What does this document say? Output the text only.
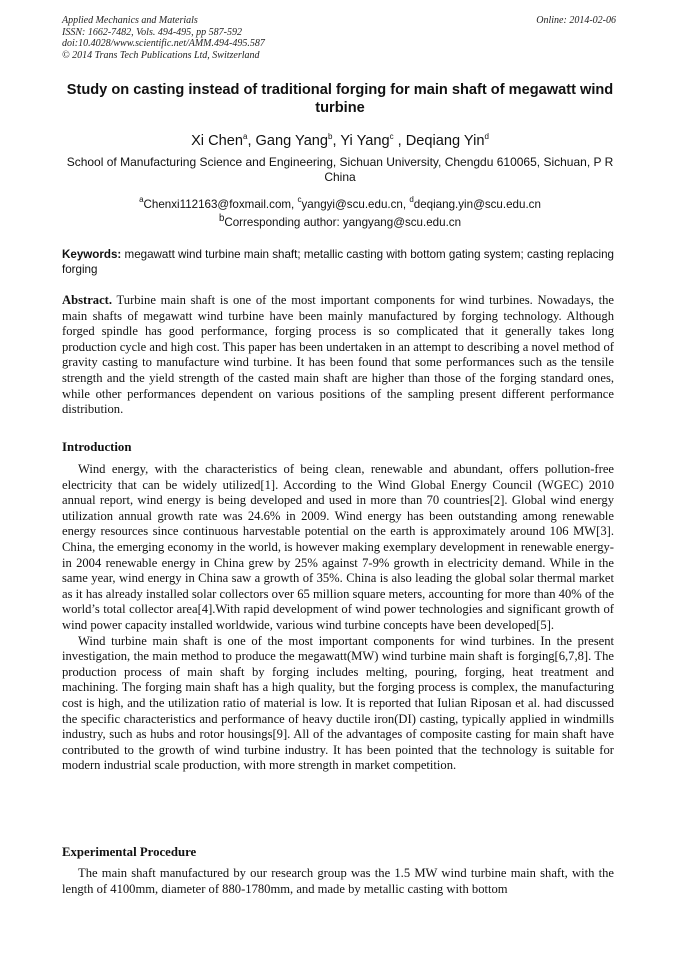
Applied Mechanics and Materials
ISSN: 1662-7482, Vols. 494-495, pp 587-592
doi:10.4028/www.scientific.net/AMM.494-495.587
© 2014 Trans Tech Publications Ltd, Switzerland
Online: 2014-02-06
Study on casting instead of traditional forging for main shaft of megawatt wind turbine
Xi Chen$^a$, Gang Yang$^b$, Yi Yang$^c$ , Deqiang Yin$^d$
School of Manufacturing Science and Engineering, Sichuan University, Chengdu 610065, Sichuan, P R China
$^a$Chenxi112163@foxmail.com, $^c$yangyi@scu.edu.cn, $^d$deqiang.yin@scu.edu.cn
$^b$Corresponding author: yangyang@scu.edu.cn
Keywords: megawatt wind turbine main shaft; metallic casting with bottom gating system; casting replacing forging
Abstract. Turbine main shaft is one of the most important components for wind turbines. Nowadays, the main shafts of megawatt wind turbine have been mainly manufactured by forging technology. Although forged spindle has good performance, forging process is so complicated that it generally takes long production cycle and high cost. This paper has been undertaken in an attempt to describing a novel method of gravity casting to manufacture wind turbine. It has been found that some performances such as the tensile strength and the yield strength of the casted main shaft are higher than those of the forging standard ones, while other performances dependent on various positions of the sampling present different performance distribution.
Introduction

Wind energy, with the characteristics of being clean, renewable and abundant, offers pollution-free electricity that can be widely utilized[1]. According to the Wind Global Energy Council (WGEC) 2010 annual report, wind energy is being developed and used in more than 70 countries[2]. Global wind energy utilization annual growth rate was 24.6% in 2009. Wind energy has been outstanding among renewable energy resources since continuous harvestable potential on the earth is approximately around 106 MW[3]. China, the emerging economy in the world, is however making exemplary development in renewable energy-in 2004 renewable energy in China grew by 25% against 7-9% growth in electricity demand. While in the same year, wind energy in China saw a growth of 35%. China is also leading the global solar thermal market as it has already installed solar collectors over 65 million square meters, accounting for more than 40% of the world’s total collector area[4].With rapid development of wind power technologies and significant growth of wind power capacity installed worldwide, various wind turbine concepts have been developed[5].

Wind turbine main shaft is one of the most important components for wind turbines. In the present investigation, the main method to produce the megawatt(MW) wind turbine main shaft is forging[6,7,8]. The production process of main shaft by forging includes melting, pouring, forging, heat treatment and machining. The forging main shaft has a high quality, but the forging process is complex, the manufacturing cost is high, and the utilization ratio of material is low. It is reported that Iulian Riposan et al. had discussed the specific characteristics and performance of heavy ductile iron(DI) casting, typically applied in windmills industry, such as hubs and rotor housings[9]. All of the advantages of composite casting for main shaft have contributed to the growth of wind turbine industry. It has been pointed that the technology is suitable for modern industrial scale production, with more strength in market competition.

Experimental Procedure

The main shaft manufactured by our research group was the 1.5 MW wind turbine main shaft, with the length of 4100mm, diameter of 880-1780mm, and made by metallic casting with bottom
